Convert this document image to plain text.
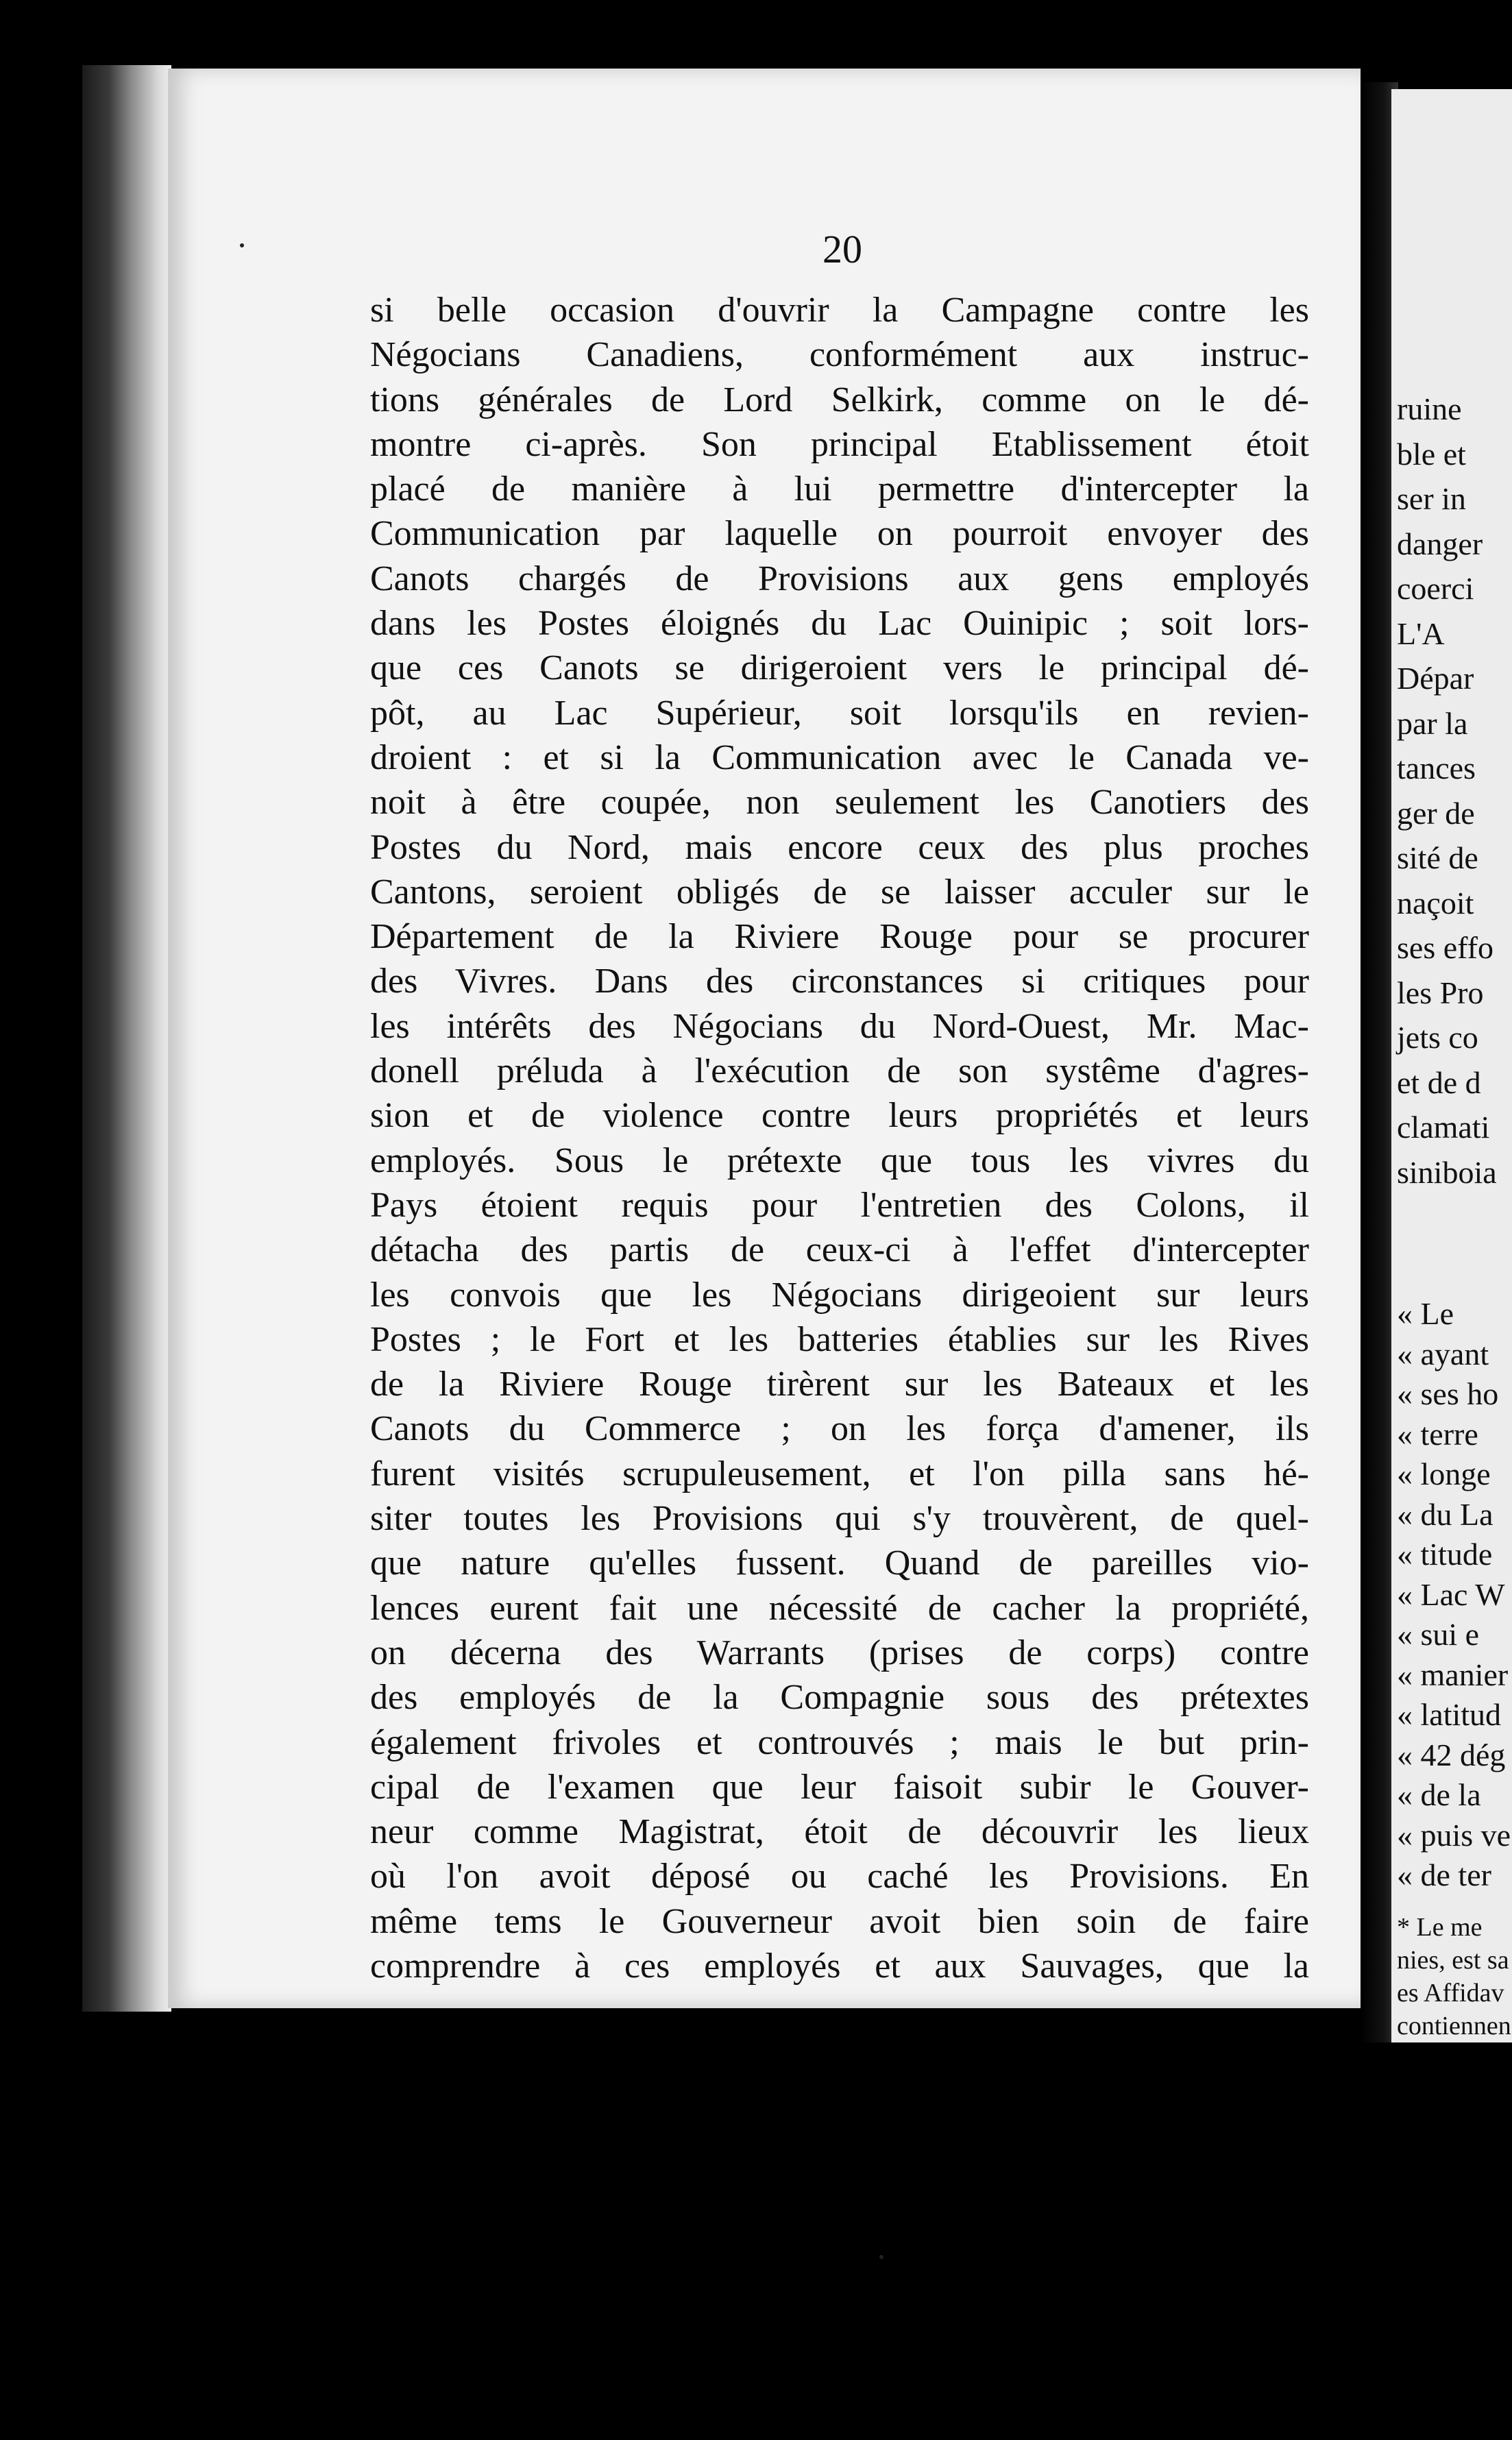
20
si belle occasion d'ouvrir la Campagne contre les
Négocians Canadiens, conformément aux instruc-
tions générales de Lord Selkirk, comme on le dé-
montre ci-après. Son principal Etablissement étoit
placé de manière à lui permettre d'intercepter la
Communication par laquelle on pourroit envoyer des
Canots chargés de Provisions aux gens employés
dans les Postes éloignés du Lac Ouinipic ; soit lors-
que ces Canots se dirigeroient vers le principal dé-
pôt, au Lac Supérieur, soit lorsqu'ils en revien-
droient : et si la Communication avec le Canada ve-
noit à être coupée, non seulement les Canotiers des
Postes du Nord, mais encore ceux des plus proches
Cantons, seroient obligés de se laisser acculer sur le
Département de la Riviere Rouge pour se procurer
des Vivres. Dans des circonstances si critiques pour
les intérêts des Négocians du Nord-Ouest, Mr. Mac-
donell préluda à l'exécution de son systême d'agres-
sion et de violence contre leurs propriétés et leurs
employés. Sous le prétexte que tous les vivres du
Pays étoient requis pour l'entretien des Colons, il
détacha des partis de ceux-ci à l'effet d'intercepter
les convois que les Négocians dirigeoient sur leurs
Postes ; le Fort et les batteries établies sur les Rives
de la Riviere Rouge tirèrent sur les Bateaux et les
Canots du Commerce ; on les força d'amener, ils
furent visités scrupuleusement, et l'on pilla sans hé-
siter toutes les Provisions qui s'y trouvèrent, de quel-
que nature qu'elles fussent. Quand de pareilles vio-
lences eurent fait une nécessité de cacher la propriété,
on décerna des Warrants (prises de corps) contre
des employés de la Compagnie sous des prétextes
également frivoles et controuvés ; mais le but prin-
cipal de l'examen que leur faisoit subir le Gouver-
neur comme Magistrat, étoit de découvrir les lieux
où l'on avoit déposé ou caché les Provisions. En
même tems le Gouverneur avoit bien soin de faire
comprendre à ces employés et aux Sauvages, que la
ruine
ble et
ser in
danger
coerci
L'A
Dépar
par la
tances
ger de
sité de
naçoit
ses effo
les Pro
jets co
et de d
clamati
siniboia
« Le
« ayant
« ses ho
« terre
« longe
« du La
« titude
« Lac W
« sui e
« manier
« latitud
« 42 dég
« de la
« puis ve
« de ter
* Le me
nies, est sa
es Affidav
contiennen
